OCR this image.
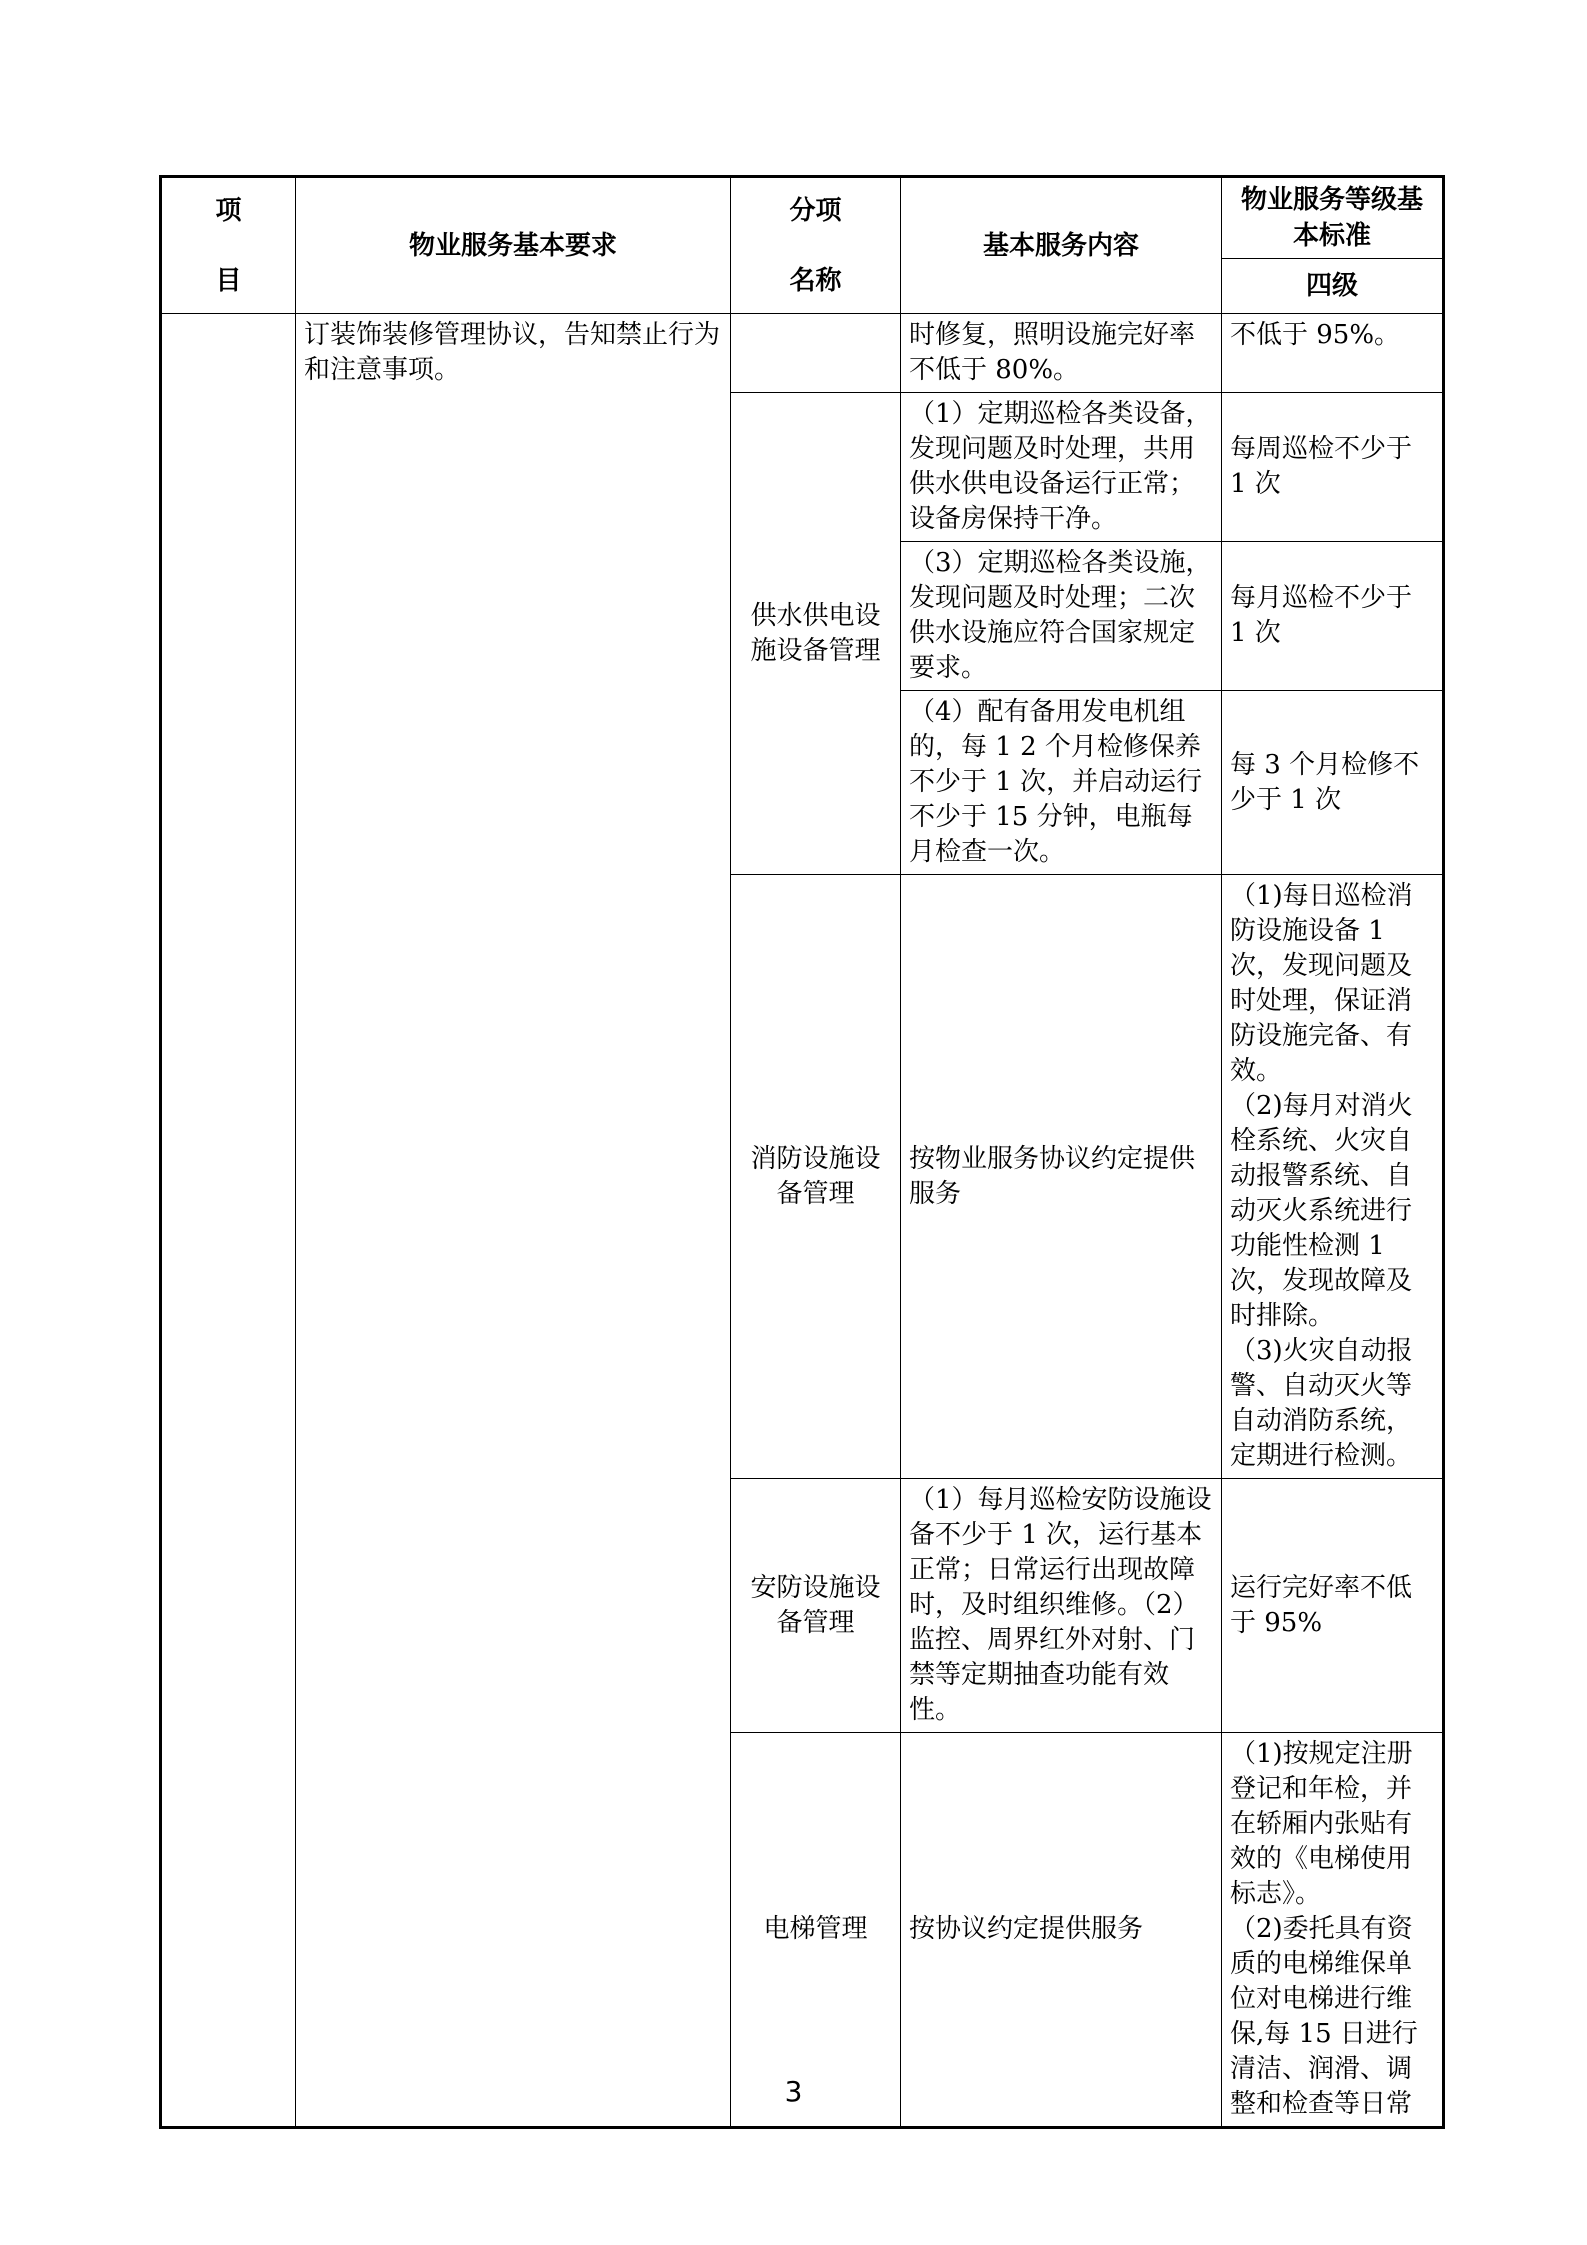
项
目	物业服务基本要求	分项
名称	基本服务内容	物业服务等级基本标准
				四级
	订装饰装修管理协议，告知禁止行为和注意事项。		时修复，照明设施完好率不低于 80%。	不低于 95%。
		供水供电设施设备管理	（1）定期巡检各类设备，发现问题及时处理，共用供水供电设备运行正常；设备房保持干净。	每周巡检不少于 1 次
			（3）定期巡检各类设施，发现问题及时处理；二次供水设施应符合国家规定要求。	每月巡检不少于 1 次
			（4）配有备用发电机组的，每 1 2 个月检修保养不少于 1 次，并启动运行不少于 15 分钟，电瓶每月检查一次。	每 3 个月检修不少于 1 次
		消防设施设备管理	按物业服务协议约定提供服务	（1)每日巡检消防设施设备 1 次，发现问题及时处理，保证消防设施完备、有效。
（2)每月对消火栓系统、火灾自动报警系统、自动灭火系统进行功能性检测 1 次，发现故障及时排除。
（3)火灾自动报警、自动灭火等自动消防系统，定期进行检测。

		安防设施设备管理	（1）每月巡检安防设施设备不少于 1 次，运行基本正常；日常运行出现故障时，及时组织维修。（2）监控、周界红外对射、门禁等定期抽查功能有效性。	运行完好率不低于 95%
		电梯管理	按协议约定提供服务	（1)按规定注册登记和年检，并在轿厢内张贴有效的《电梯使用标志》。
（2)委托具有资质的电梯维保单位对电梯进行维保,每 15 日进行清洁、润滑、调整和检查等日常
3
